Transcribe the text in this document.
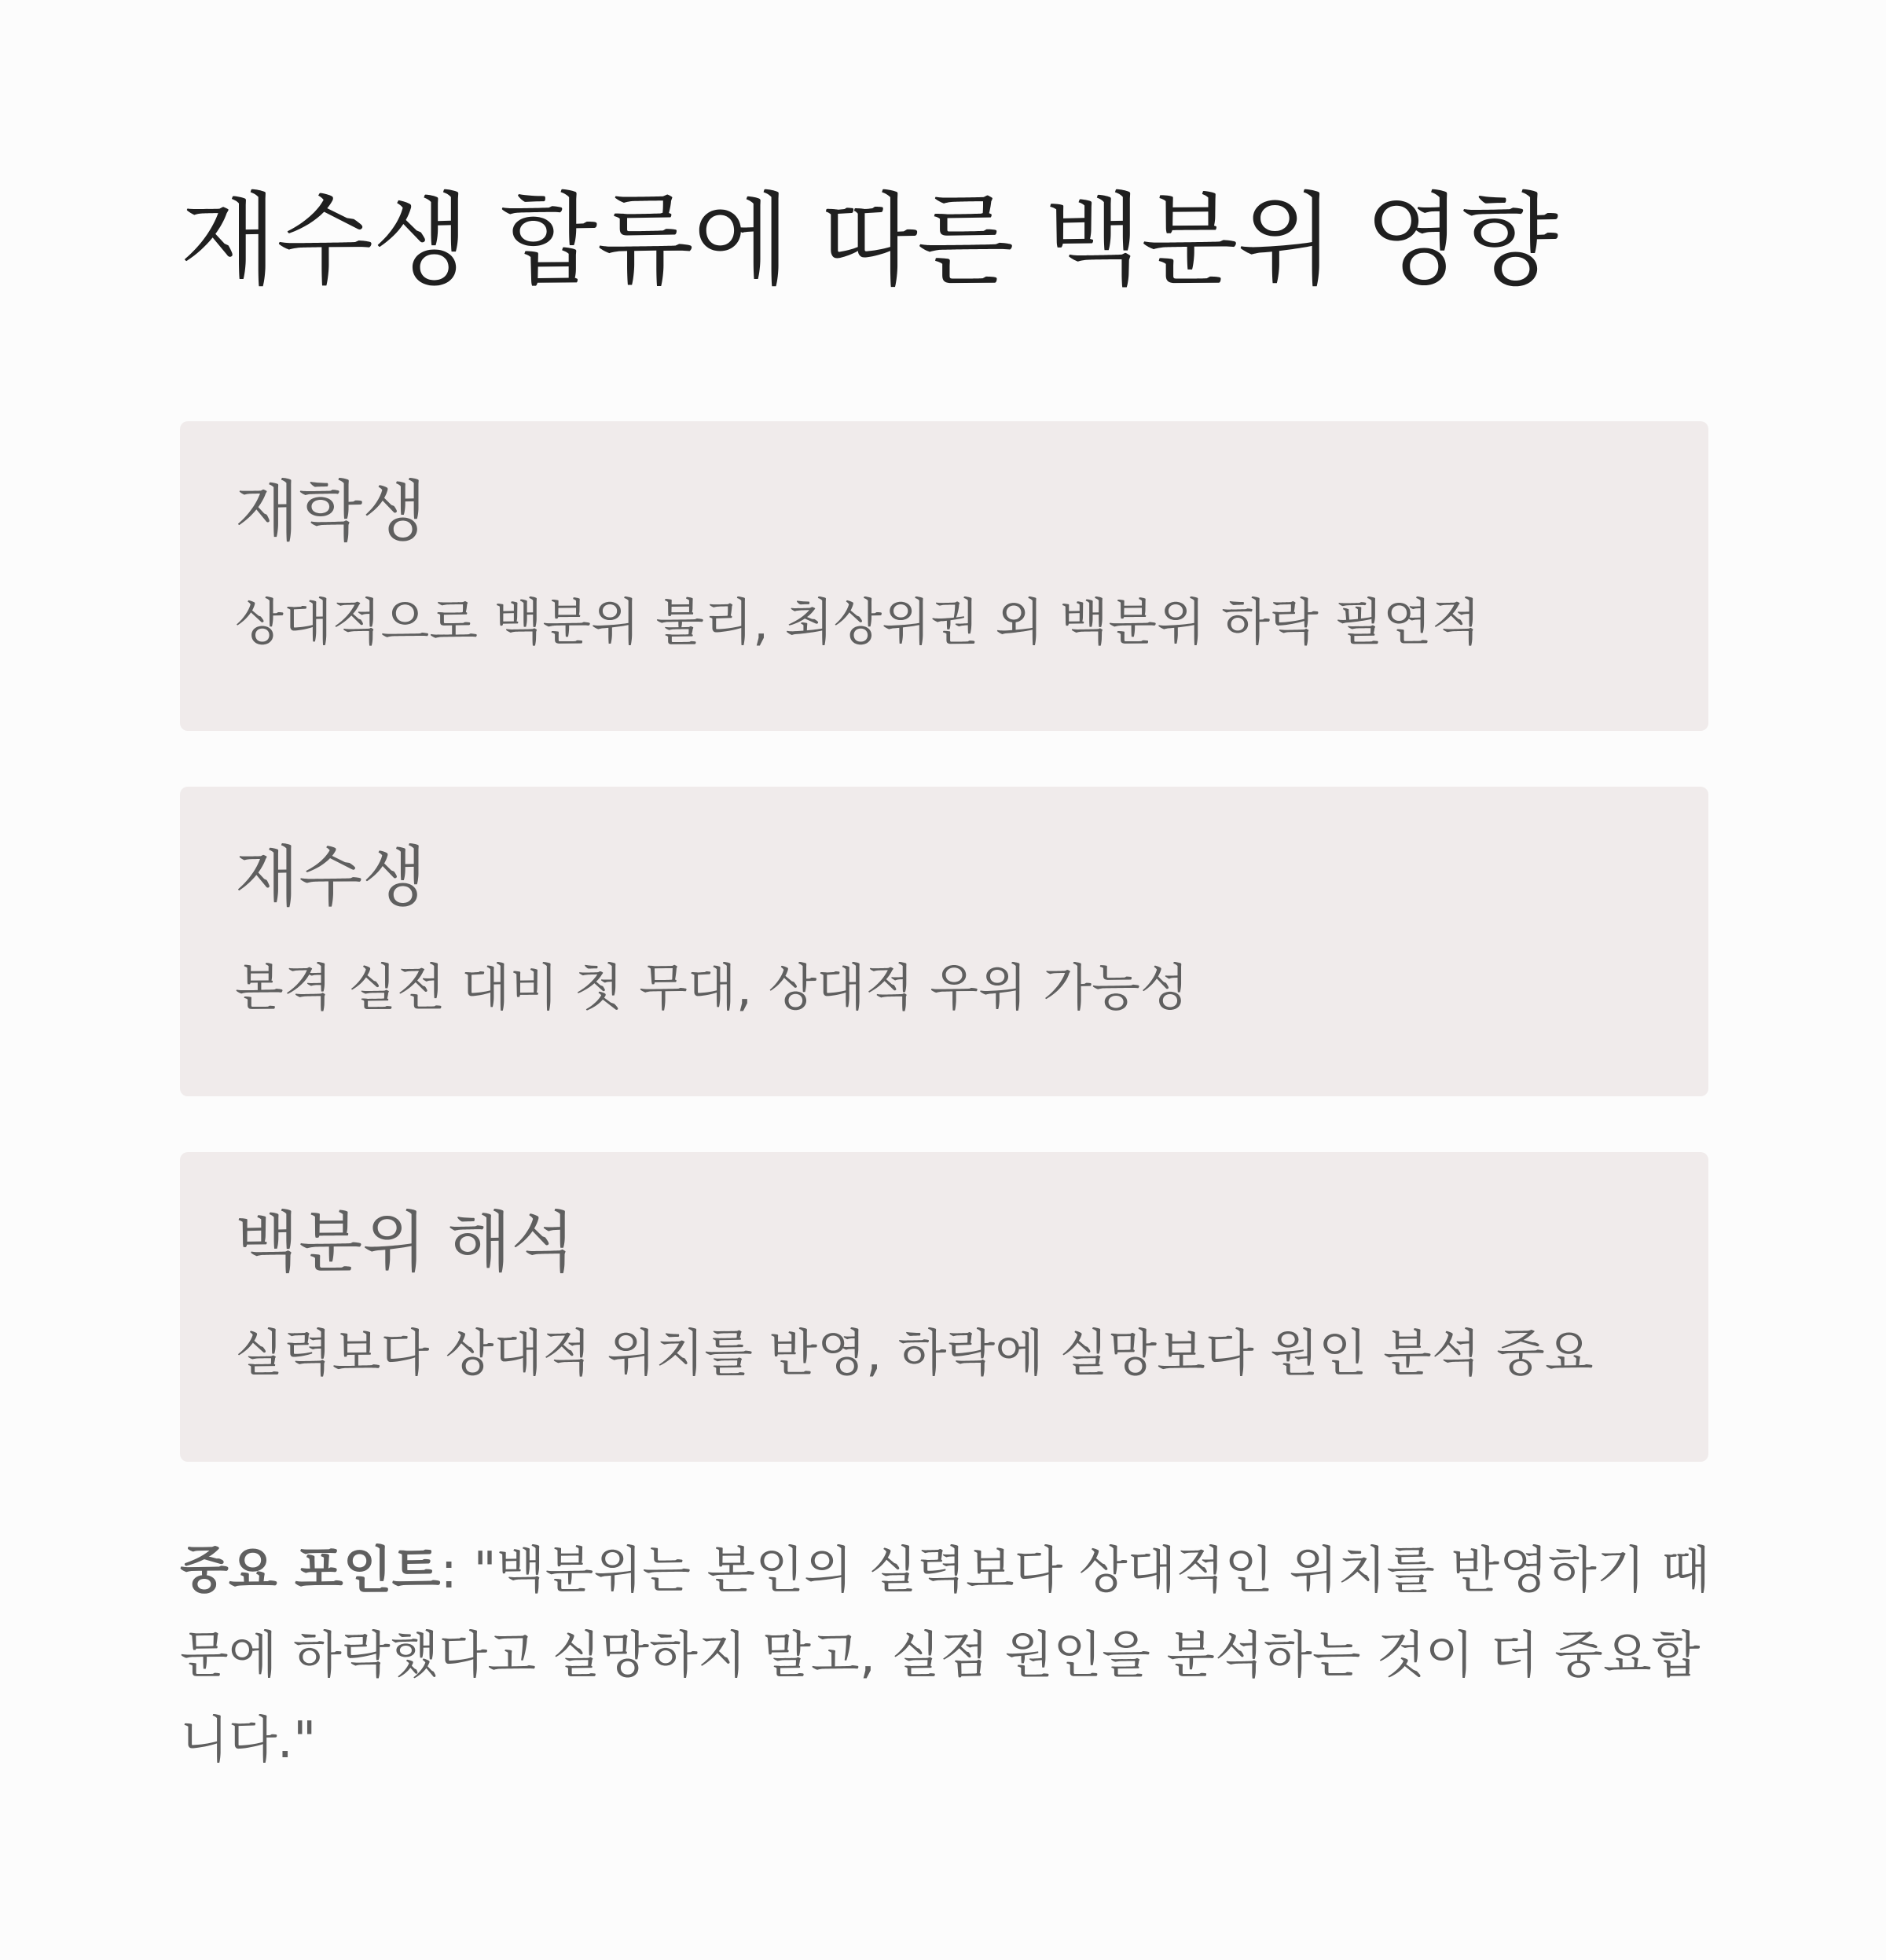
재수생 합류에 따른 백분위 영향
재학생

상대적으로 백분위 불리, 최상위권 외 백분위 하락 필연적

재수생

본격 실전 대비 첫 무대, 상대적 우위 가능성

백분위 해석

실력보다 상대적 위치를 반영, 하락에 실망보다 원인 분석 중요

중요 포인트: "백분위는 본인의 실력보다 상대적인 위치를 반영하기 때문에 하락했다고 실망하지 말고, 실점 원인을 분석하는 것이 더 중요합니다."
